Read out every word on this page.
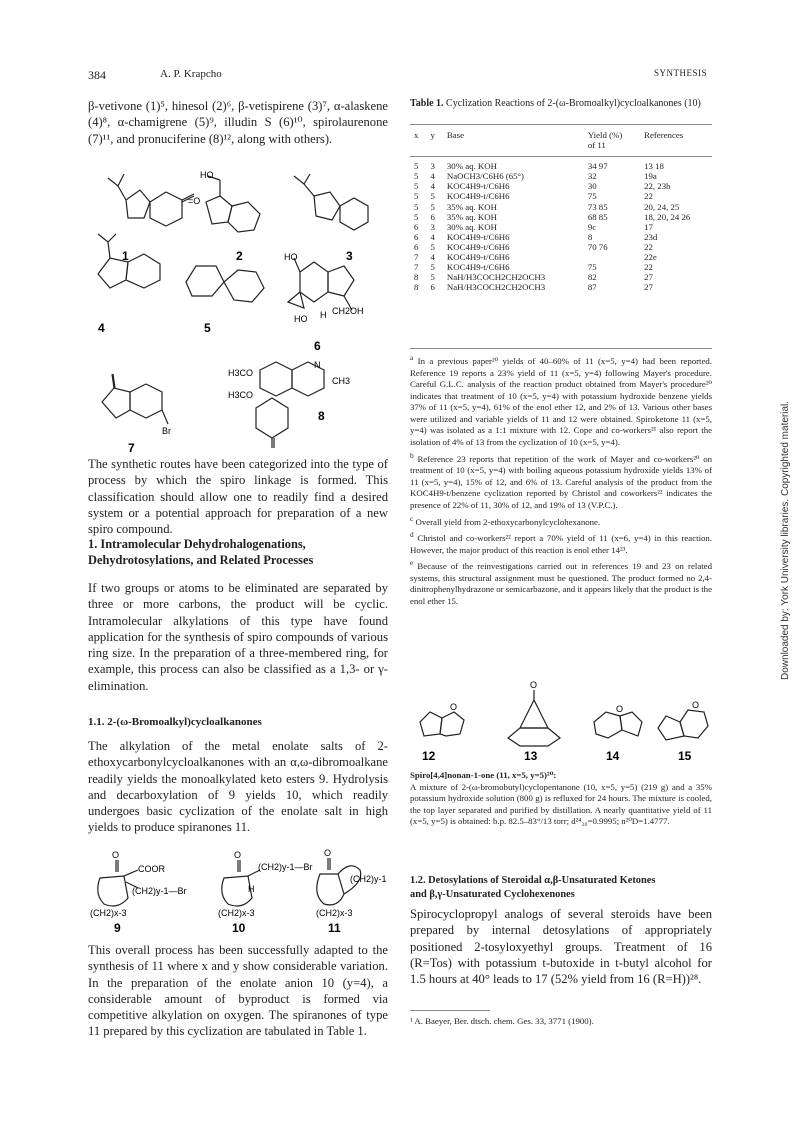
384	A. P. Krapcho	SYNTHESIS

β-vetivone (1)⁵, hinesol (2)⁶, β-vetispirene (3)⁷, α-alaskene (4)⁸, α-chamigrene (5)⁹, illudin S (6)¹⁰, spirolaurenone (7)¹¹, and pronuciferine (8)¹², along with others).

=O
HO
HO
HO H CH2OH
Br
H3CO
H3CO
N
CH3
1	2	3
4	5
6
7
8

The synthetic routes have been categorized into the type of process by which the spiro linkage is formed. This classification should allow one to readily find a desired system or a potential approach for preparation of a new spiro compound.

1. Intramolecular Dehydrohalogenations,
Dehydrotosylations, and Related Processes

If two groups or atoms to be eliminated are separated by three or more carbons, the product will be cyclic. Intramolecular alkylations of this type have found application for the synthesis of spiro compounds of various ring size. In the preparation of a three-membered ring, for example, this process can also be classified as a 1,3- or γ-elimination.

1.1. 2-(ω-Bromoalkyl)cycloalkanones

The alkylation of the metal enolate salts of 2-ethoxycarbonylcycloalkanones with an α,ω-dibromoalkane readily yields the monoalkylated keto esters 9. Hydrolysis and decarboxylation of 9 yields 10, which readily undergoes basic cyclization of the enolate salt in high yields to produce spiranones 11.

O
COOR
(CH2)y-1—Br
(CH2)x-3
O
(CH2)y-1—Br
H
(CH2)x-3
O
(CH2)y-1
(CH2)x-3
9	10	11

This overall process has been successfully adapted to the synthesis of 11 where x and y show considerable variation. In the preparation of the enolate anion 10 (y=4), a considerable amount of byproduct is formed via competitive alkylation on oxygen. The spiranones of type 11 prepared by this cyclization are tabulated in Table 1.

Table 1. Cyclization Reactions of 2-(ω-Bromoalkyl)cycloalkanones (10)
x	y	Base	Yield (%)
of 11	References

5	3	30% aq. KOH	34 97	13 18
5	4	NaOCH3/C6H6 (65°)	32	19a
5	4	KOC4H9-t/C6H6	30	22, 23b
5	5	KOC4H9-t/C6H6	75	22
5	5	35% aq. KOH	73 85	20, 24, 25
5	6	35% aq. KOH	68 85	18, 20, 24 26
6	3	30% aq. KOH	9c	17
6	4	KOC4H9-t/C6H6	8	23d
6	5	KOC4H9-t/C6H6	70 76	22
7	4	KOC4H9-t/C6H6		22e
7	5	KOC4H9-t/C6H6	75	22
8	5	NaH/H3COCH2CH2OCH3	82	27
8	6	NaH/H3COCH2CH2OCH3	87	27
$^a$ In a previous paper²⁰ yields of 40–60% of 11 (x=5, y=4) had been reported. Reference 19 reports a 23% yield of 11 (x=5, y=4) following Mayer's procedure. Careful G.L.C. analysis of the reaction product obtained from Mayer's procedure²⁰ indicates that treatment of 10 (x=5, y=4) with potassium hydroxide benzene yields 37% of 11 (x=5, y=4), 61% of the enol ether 12, and 2% of 13. Various other bases were utilized and variable yields of 11 and 12 were obtained. Spiroketone 11 (x=5, y=4) was isolated as a 1:1 mixture with 12. Cope and co-workers²¹ also report the isolation of 4% of 13 from the cyclization of 10 (x=5, y=4).
$^b$ Reference 23 reports that repetition of the work of Mayer and co-workers²⁰ on treatment of 10 (x=5, y=4) with boiling aqueous potassium hydroxide yields 13% of 11 (x=5, y=4), 15% of 12, and 6% of 13. Careful analysis of the product from the KOC4H9-t/benzene cyclization reported by Christol and coworkers²² indicates the presence of 22% of 11, 30% of 12, and 19% of 13 (V.P.C.).
$^c$ Overall yield from 2-ethoxycarbonylcyclohexanone.
$^d$ Christol and co-workers²² report a 70% yield of 11 (x=6, y=4) in this reaction. However, the major product of this reaction is enol ether 14²³.
$^e$ Because of the reinvestigations carried out in references 19 and 23 on related systems, this structural assignment must be questioned. The product formed no 2,4-dinitrophenylhydrazone or semicarbazone, and it appears likely that the product is the enol ether 15.
O
O
O	O
12	13	14	15
Spiro[4,4]nonan-1-one (11, x=5, y=5)²⁰:
A mixture of 2-(ω-bromobutyl)cyclopentanone (10, x=5, y=5) (219 g) and a 35% potassium hydroxide solution (800 g) is refluxed for 24 hours. The mixture is cooled, the top layer separated and purified by distillation. A nearly quantitative yield of 11 (x=5, y=5) is obtained: b.p. 82.5–83°/13 torr; d²⁴₂₀=0.9995; n²⁰D=1.4777.
1.2. Detosylations of Steroidal α,β-Unsaturated Ketones
and β,γ-Unsaturated Cyclohexenones

Spirocyclopropyl analogs of several steroids have been prepared by internal detosylations of appropriately positioned 2-tosyloxyethyl groups. Treatment of 16 (R=Tos) with potassium t-butoxide in t-butyl alcohol for 1.5 hours at 40° leads to 17 (52% yield from 16 (R=H))²⁸.

¹ A. Baeyer, Ber. dtsch. chem. Ges. 33, 3771 (1900).
Downloaded by: York University libraries. Copyrighted material.
